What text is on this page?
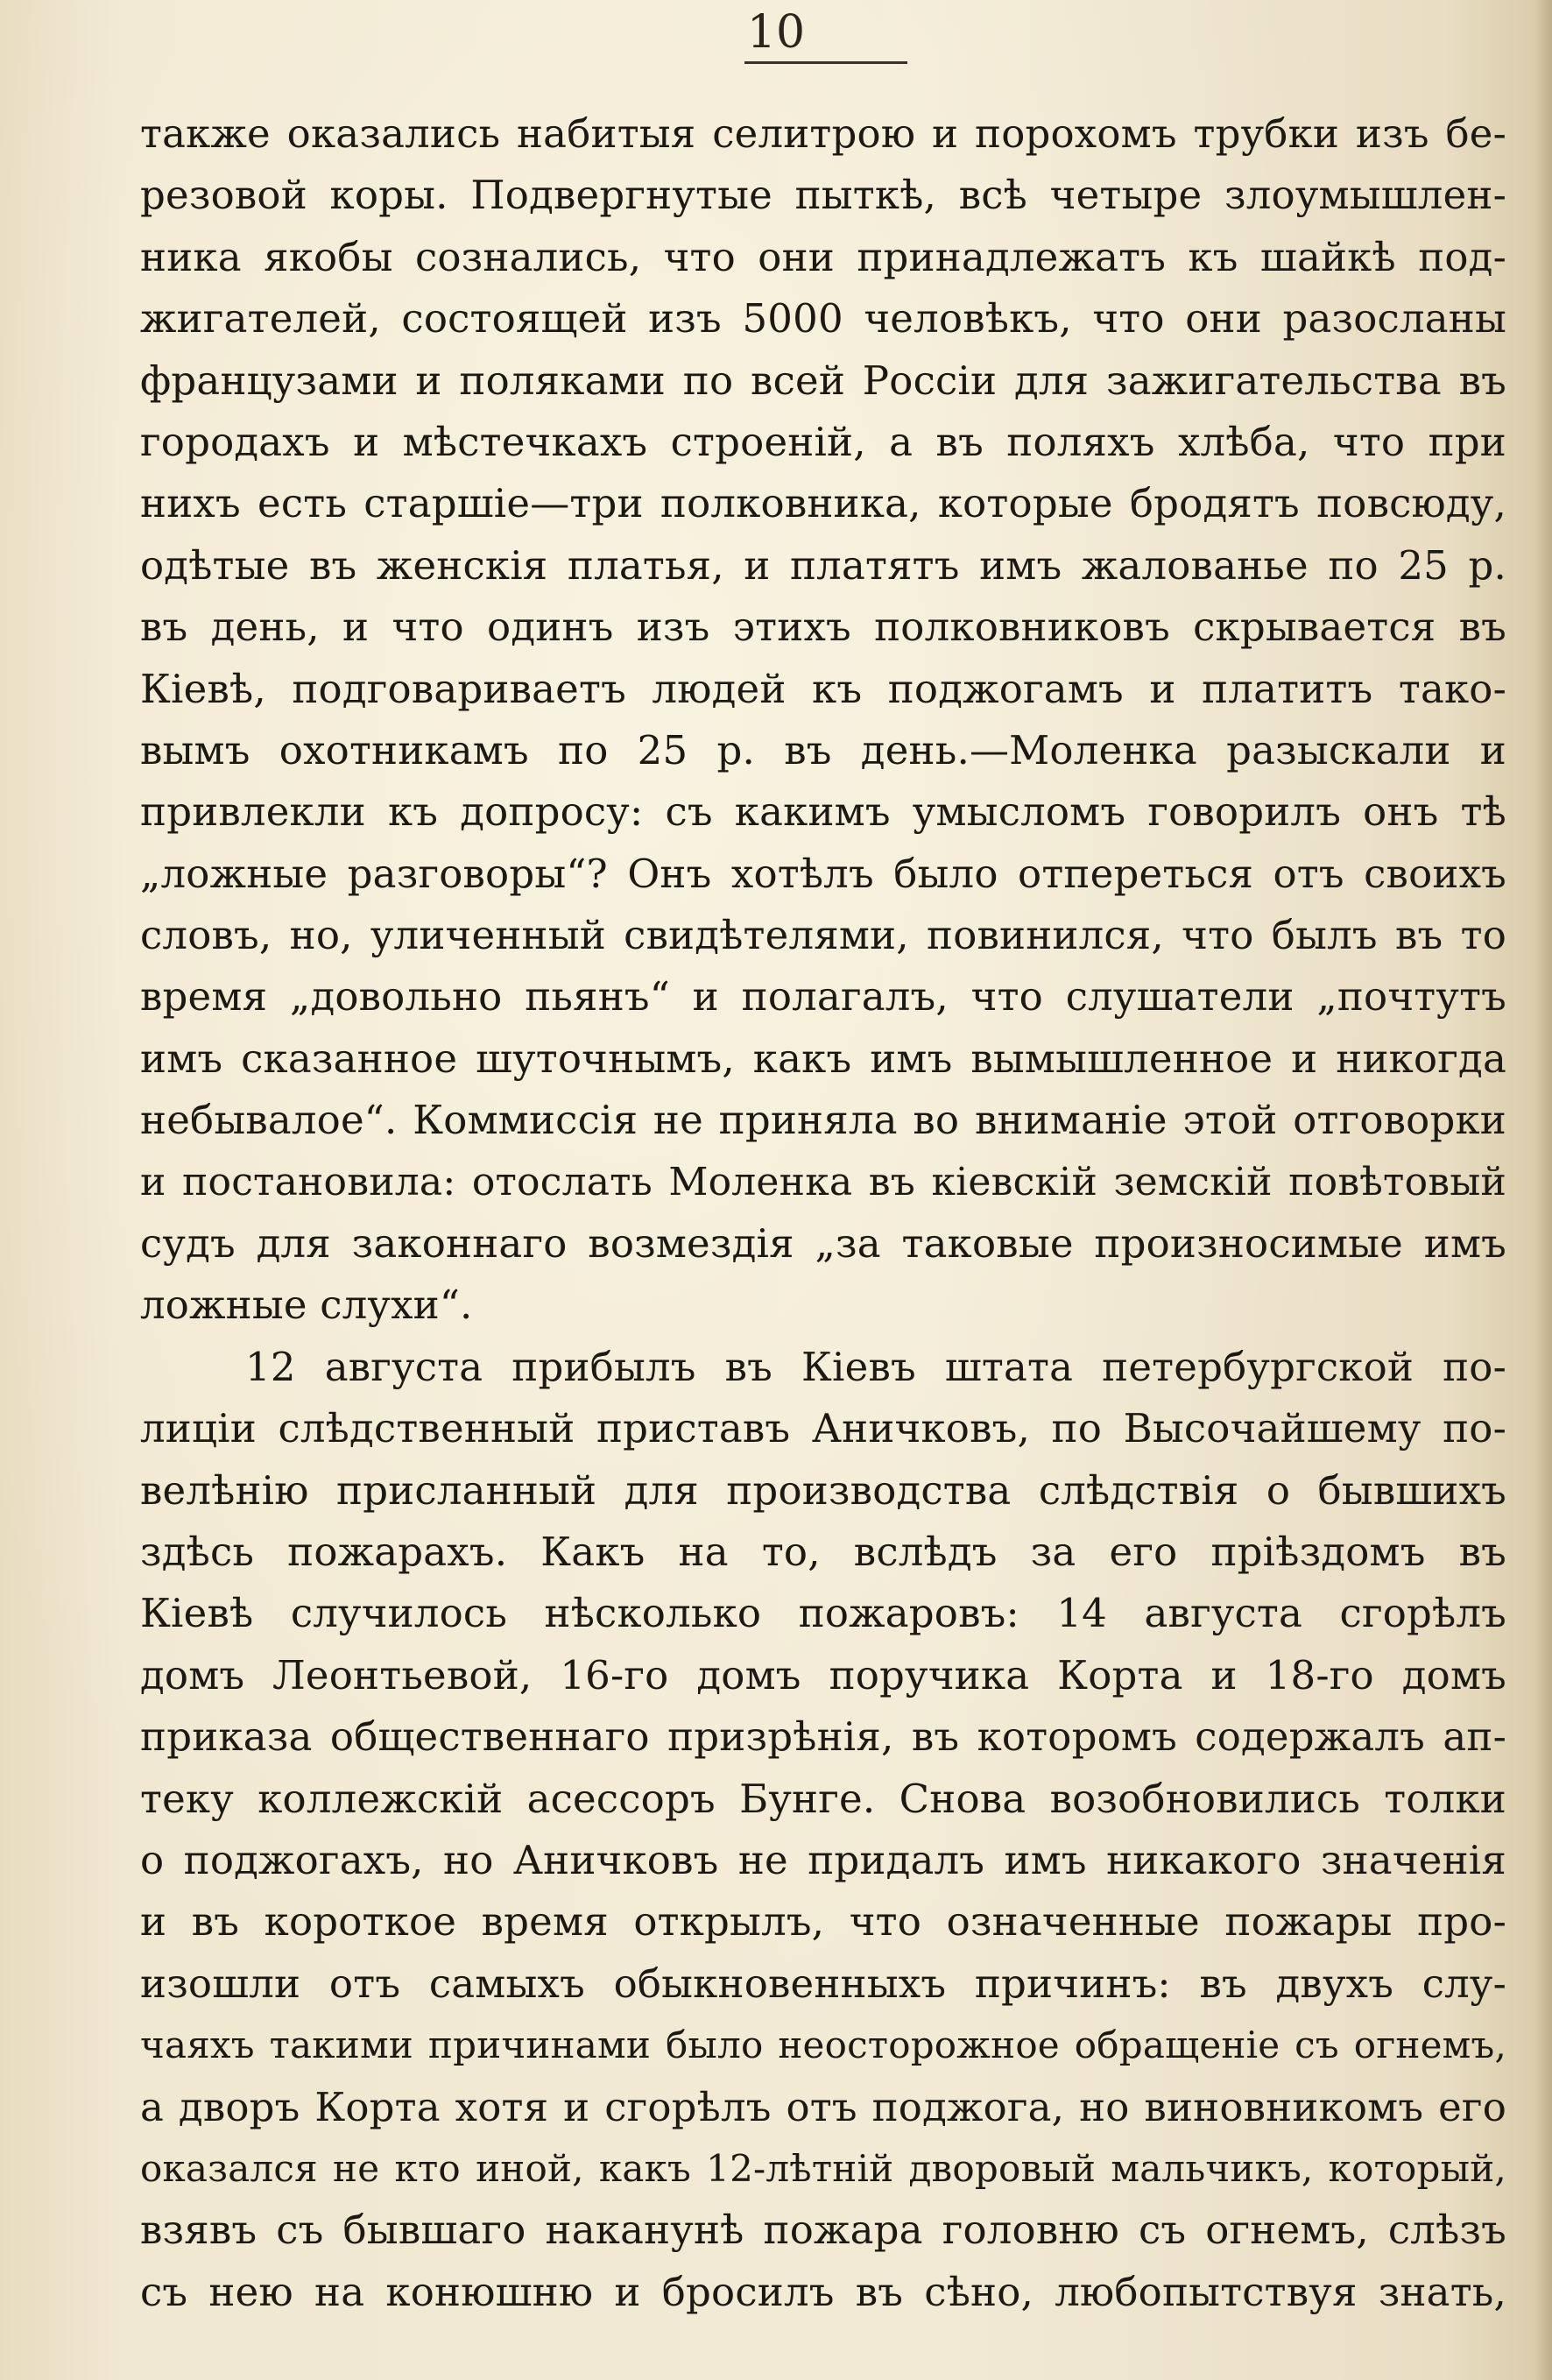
10
также оказались набитыя селитрою и порохомъ трубки изъ бе-
резовой коры. Подвергнутые пыткѣ, всѣ четыре злоумышлен-
ника якобы сознались, что они принадлежатъ къ шайкѣ под-
жигателей, состоящей изъ 5000 человѣкъ, что они разосланы
французами и поляками по всей Россіи для зажигательства въ
городахъ и мѣстечкахъ строеній, а въ поляхъ хлѣба, что при
нихъ есть старшіе—три полковника, которые бродятъ повсюду,
одѣтые въ женскія платья, и платятъ имъ жалованье по 25 р.
въ день, и что одинъ изъ этихъ полковниковъ скрывается въ
Кіевѣ, подговариваетъ людей къ поджогамъ и платитъ тако-
вымъ охотникамъ по 25 р. въ день.—Моленка разыскали и
привлекли къ допросу: съ какимъ умысломъ говорилъ онъ тѣ
„ложные разговоры“? Онъ хотѣлъ было отпереться отъ своихъ
словъ, но, уличенный свидѣтелями, повинился, что былъ въ то
время „довольно пьянъ“ и полагалъ, что слушатели „почтутъ
имъ сказанное шуточнымъ, какъ имъ вымышленное и никогда
небывалое“. Коммиссія не приняла во вниманіе этой отговорки
и постановила: отослать Моленка въ кіевскій земскій повѣтовый
судъ для законнаго возмездія „за таковые произносимые имъ
ложные слухи“.
12 августа прибылъ въ Кіевъ штата петербургской по-
лиціи слѣдственный приставъ Аничковъ, по Высочайшему по-
велѣнію присланный для производства слѣдствія о бывшихъ
здѣсь пожарахъ. Какъ на то, вслѣдъ за его пріѣздомъ въ
Кіевѣ случилось нѣсколько пожаровъ: 14 августа сгорѣлъ
домъ Леонтьевой, 16-го домъ поручика Корта и 18-го домъ
приказа общественнаго призрѣнія, въ которомъ содержалъ ап-
теку коллежскій асессоръ Бунге. Снова возобновились толки
о поджогахъ, но Аничковъ не придалъ имъ никакого значенія
и въ короткое время открылъ, что означенные пожары про-
изошли отъ самыхъ обыкновенныхъ причинъ: въ двухъ слу-
чаяхъ такими причинами было неосторожное обращеніе съ огнемъ,
а дворъ Корта хотя и сгорѣлъ отъ поджога, но виновникомъ его
оказался не кто иной, какъ 12-лѣтній дворовый мальчикъ, который,
взявъ съ бывшаго наканунѣ пожара головню съ огнемъ, слѣзъ
съ нею на конюшню и бросилъ въ сѣно, любопытствуя знать,
